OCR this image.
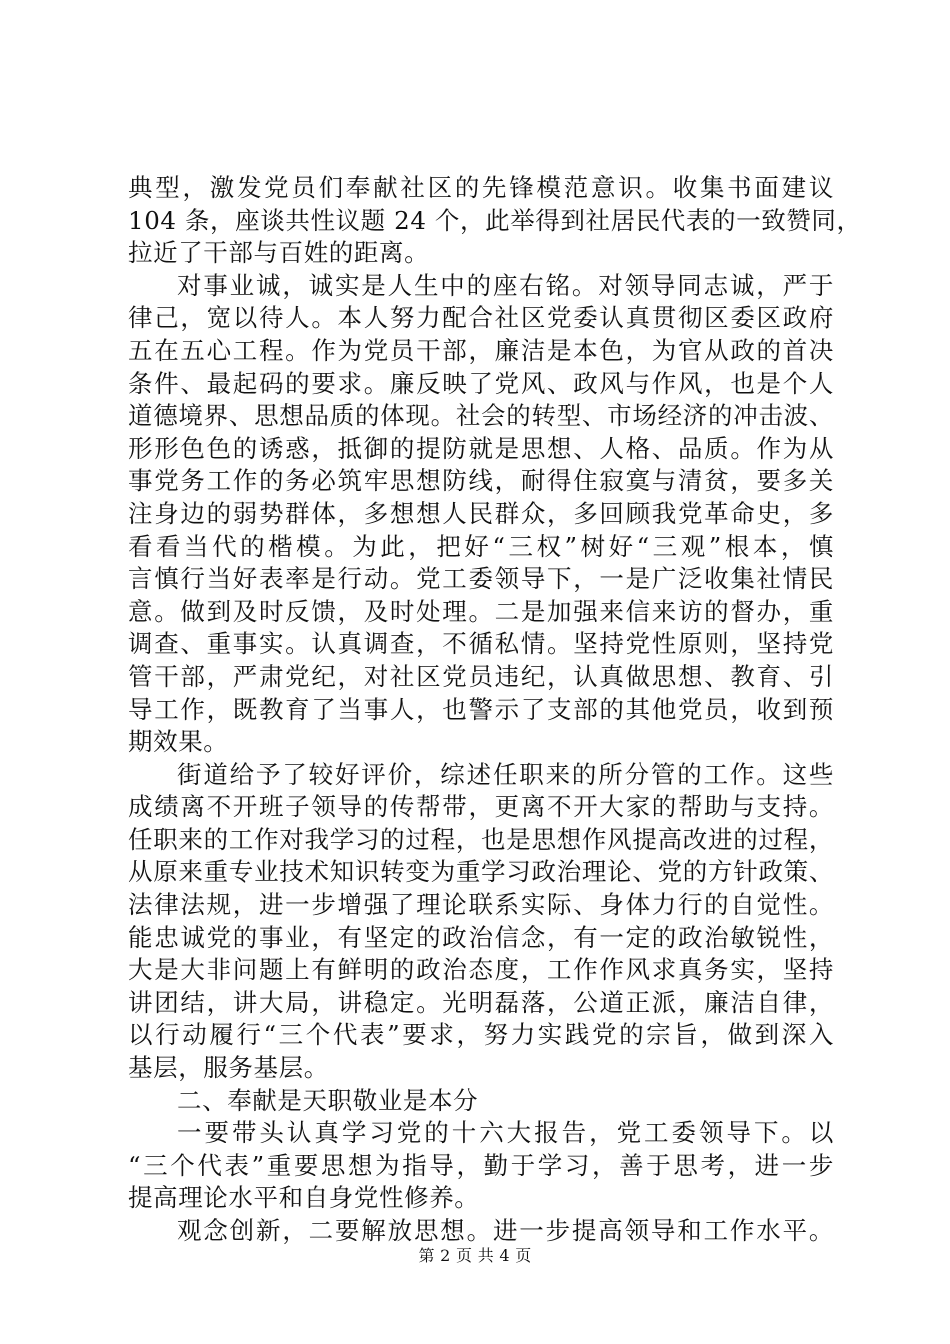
典型，激发党员们奉献社区的先锋模范意识。收集书面建议
104 条，座谈共性议题 24 个，此举得到社居民代表的一致赞同，
拉近了干部与百姓的距离。
对事业诚，诚实是人生中的座右铭。对领导同志诚，严于
律己，宽以待人。本人努力配合社区党委认真贯彻区委区政府
五在五心工程。作为党员干部，廉洁是本色，为官从政的首决
条件、最起码的要求。廉反映了党风、政风与作风，也是个人
道德境界、思想品质的体现。社会的转型、市场经济的冲击波、
形形色色的诱惑，抵御的提防就是思想、人格、品质。作为从
事党务工作的务必筑牢思想防线，耐得住寂寞与清贫，要多关
注身边的弱势群体，多想想人民群众，多回顾我党革命史，多
看看当代的楷模。为此，把好“三权”树好“三观”根本，慎
言慎行当好表率是行动。党工委领导下，一是广泛收集社情民
意。做到及时反馈，及时处理。二是加强来信来访的督办，重
调查、重事实。认真调查，不循私情。坚持党性原则，坚持党
管干部，严肃党纪，对社区党员违纪，认真做思想、教育、引
导工作，既教育了当事人，也警示了支部的其他党员，收到预
期效果。
街道给予了较好评价，综述任职来的所分管的工作。这些
成绩离不开班子领导的传帮带，更离不开大家的帮助与支持。
任职来的工作对我学习的过程，也是思想作风提高改进的过程，
从原来重专业技术知识转变为重学习政治理论、党的方针政策、
法律法规，进一步增强了理论联系实际、身体力行的自觉性。
能忠诚党的事业，有坚定的政治信念，有一定的政治敏锐性，
大是大非问题上有鲜明的政治态度，工作作风求真务实，坚持
讲团结，讲大局，讲稳定。光明磊落，公道正派，廉洁自律，
以行动履行“三个代表”要求，努力实践党的宗旨，做到深入
基层，服务基层。
二、奉献是天职敬业是本分
一要带头认真学习党的十六大报告，党工委领导下。以
“三个代表”重要思想为指导，勤于学习，善于思考，进一步
提高理论水平和自身党性修养。
观念创新，二要解放思想。进一步提高领导和工作水平。
第 2 页 共 4 页
